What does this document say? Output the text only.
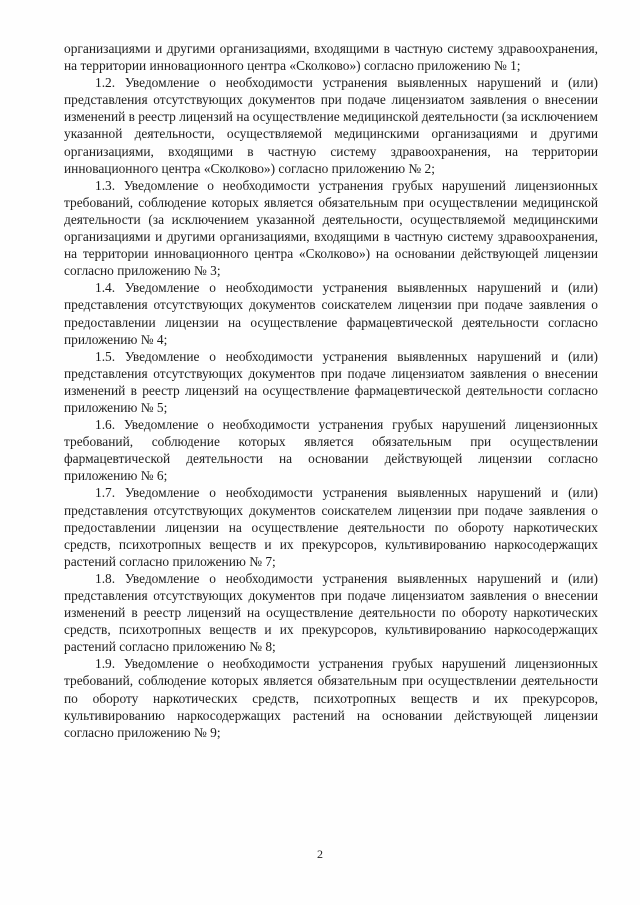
организациями и другими организациями, входящими в частную систему здравоохранения, на территории инновационного центра «Сколково») согласно приложению № 1;

1.2. Уведомление о необходимости устранения выявленных нарушений и (или) представления отсутствующих документов при подаче лицензиатом заявления о внесении изменений в реестр лицензий на осуществление медицинской деятельности (за исключением указанной деятельности, осуществляемой медицинскими организациями и другими организациями, входящими в частную систему здравоохранения, на территории инновационного центра «Сколково») согласно приложению № 2;

1.3. Уведомление о необходимости устранения грубых нарушений лицензионных требований, соблюдение которых является обязательным при осуществлении медицинской деятельности (за исключением указанной деятельности, осуществляемой медицинскими организациями и другими организациями, входящими в частную систему здравоохранения, на территории инновационного центра «Сколково») на основании действующей лицензии согласно приложению № 3;

1.4. Уведомление о необходимости устранения выявленных нарушений и (или) представления отсутствующих документов соискателем лицензии при подаче заявления о предоставлении лицензии на осуществление фармацевтической деятельности согласно приложению № 4;

1.5. Уведомление о необходимости устранения выявленных нарушений и (или) представления отсутствующих документов при подаче лицензиатом заявления о внесении изменений в реестр лицензий на осуществление фармацевтической деятельности согласно приложению № 5;

1.6. Уведомление о необходимости устранения грубых нарушений лицензионных требований, соблюдение которых является обязательным при осуществлении фармацевтической деятельности на основании действующей лицензии согласно приложению № 6;

1.7. Уведомление о необходимости устранения выявленных нарушений и (или) представления отсутствующих документов соискателем лицензии при подаче заявления о предоставлении лицензии на осуществление деятельности по обороту наркотических средств, психотропных веществ и их прекурсоров, культивированию наркосодержащих растений согласно приложению № 7;

1.8. Уведомление о необходимости устранения выявленных нарушений и (или) представления отсутствующих документов при подаче лицензиатом заявления о внесении изменений в реестр лицензий на осуществление деятельности по обороту наркотических средств, психотропных веществ и их прекурсоров, культивированию наркосодержащих растений согласно приложению № 8;

1.9. Уведомление о необходимости устранения грубых нарушений лицензионных требований, соблюдение которых является обязательным при осуществлении деятельности по обороту наркотических средств, психотропных веществ и их прекурсоров, культивированию наркосодержащих растений на основании действующей лицензии согласно приложению № 9;

2
